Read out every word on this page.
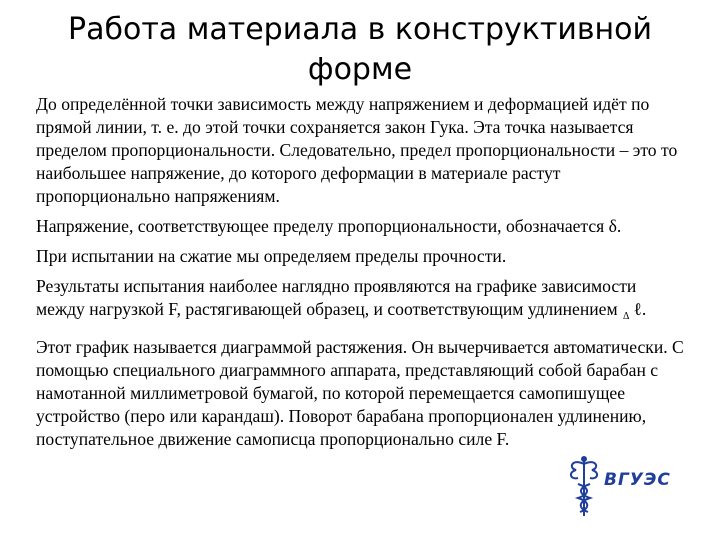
Работа материала в конструктивной форме

До определённой точки зависимость между напряжением и деформацией идёт по прямой линии, т. е. до этой точки сохраняется закон Гука. Эта точка называется пределом пропорциональности. Следовательно, предел пропорциональности – это то наибольшее напряжение, до которого деформации в материале растут пропорционально напряжениям.

Напряжение, соответствующее пределу пропорциональности, обозначается δ.

При испытании на сжатие мы определяем пределы прочности.

Результаты испытания наиболее наглядно проявляются на графике зависимости между нагрузкой F, растягивающей образец, и соответствующим удлинением $_\Delta$ ℓ.

Этот график называется диаграммой растяжения. Он вычерчивается автоматически. С помощью специального диаграммного аппарата, представляющий собой барабан с намотанной миллиметровой бумагой, по которой перемещается самопишущее устройство (перо или карандаш). Поворот барабана пропорционален удлинению, поступательное движение самописца пропорционально силе F.

ВГУЭС
